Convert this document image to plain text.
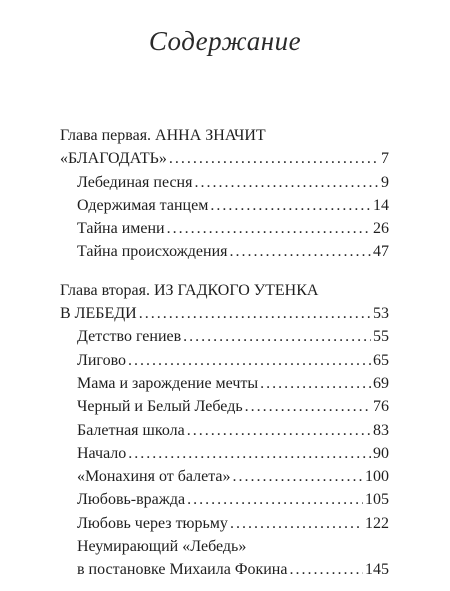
Содержание
Глава первая. АННА ЗНАЧИТ
«БЛАГОДАТЬ» .....	7
Лебединая песня .....	9
Одержимая танцем .....	14
Тайна имени .....	26
Тайна происхождения .....	47
Глава вторая. ИЗ ГАДКОГО УТЕНКА
В ЛЕБЕДИ .....	53
Детство гениев .....	55
Лигово .....	65
Мама и зарождение мечты .....	69
Черный и Белый Лебедь .....	76
Балетная школа .....	83
Начало .....	90
«Монахиня от балета» .....	100
Любовь-вражда .....	105
Любовь через тюрьму .....	122
Неумирающий «Лебедь»
в постановке Михаила Фокина .....	145
